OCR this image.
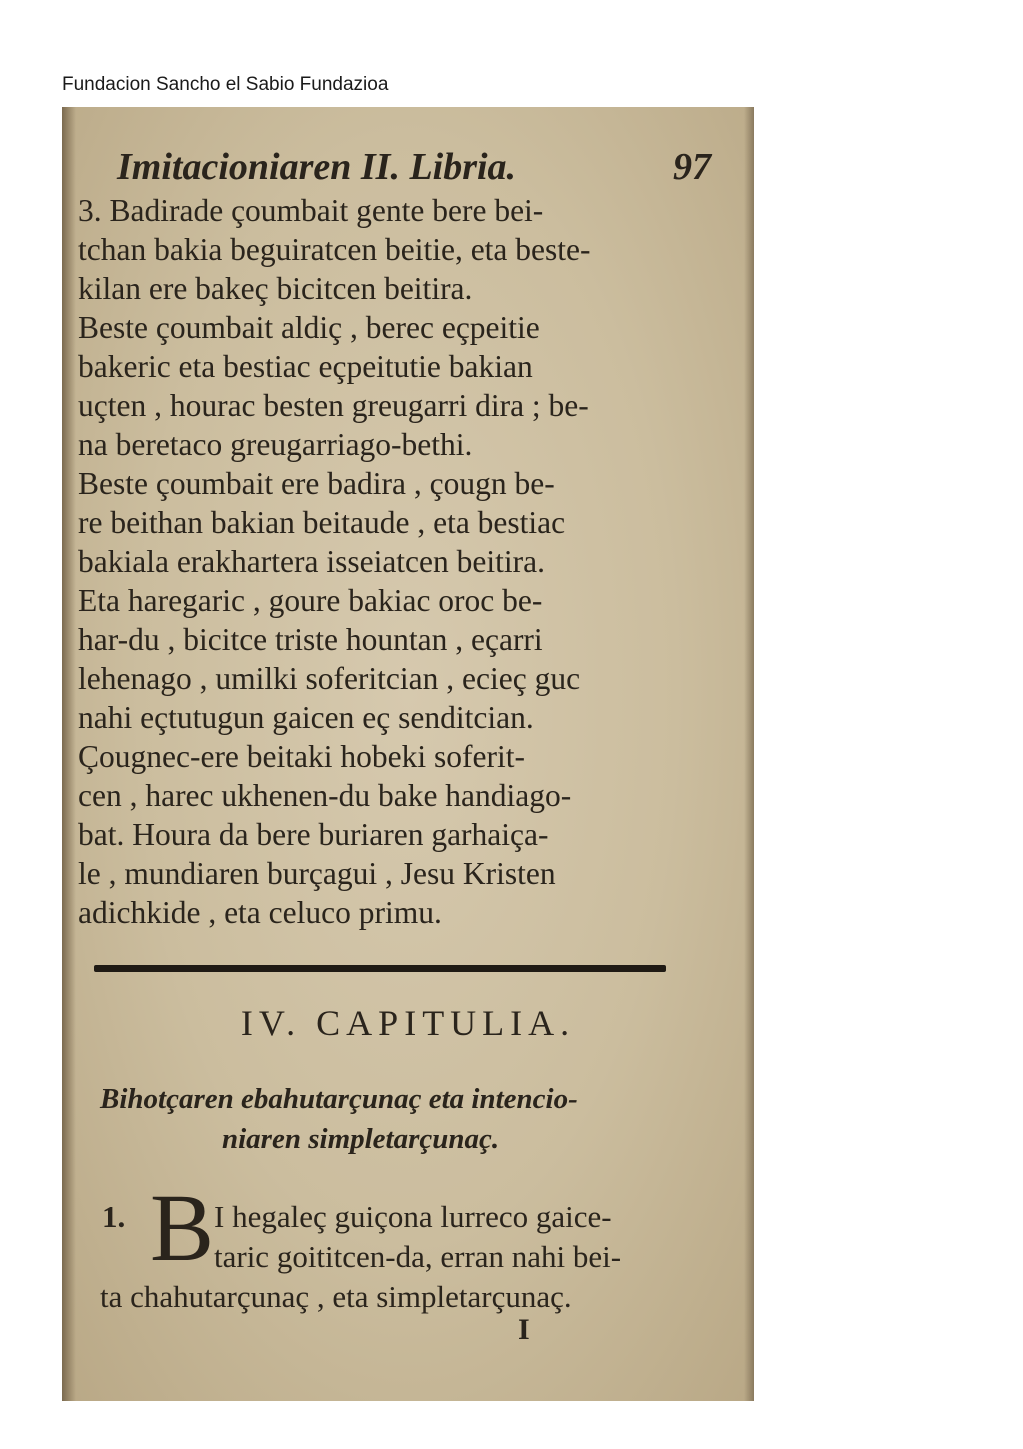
Fundacion Sancho el Sabio Fundazioa
Imitacioniaren II. Libria.	97
3. Badirade çoumbait gente bere bei-
tchan bakia beguiratcen beitie, eta beste-
kilan ere bakeç bicitcen beitira.
Beste çoumbait aldiç , berec eçpeitie
bakeric eta bestiac eçpeitutie bakian
uçten , hourac besten greugarri dira ; be-
na beretaco greugarriago-bethi.
Beste çoumbait ere badira , çougn be-
re beithan bakian beitaude , eta bestiac
bakiala erakhartera isseiatcen beitira.
Eta haregaric , goure bakiac oroc be-
har-du , bicitce triste hountan , eçarri
lehenago , umilki soferitcian , ecieç guc
nahi eçtutugun gaicen eç senditcian.
Çougnec-ere beitaki hobeki soferit-
cen , harec ukhenen-du bake handiago-
bat. Houra da bere buriaren garhaiça-
le , mundiaren burçagui , Jesu Kristen
adichkide , eta celuco primu.
IV. CAPITULIA.
Bihotçaren ebahutarçunaç eta intencio-
niaren simpletarçunaç.
1. B I hegaleç guiçona lurreco gaice-
taric goititcen-da, erran nahi bei-
ta chahutarçunaç , eta simpletarçunaç.
I
